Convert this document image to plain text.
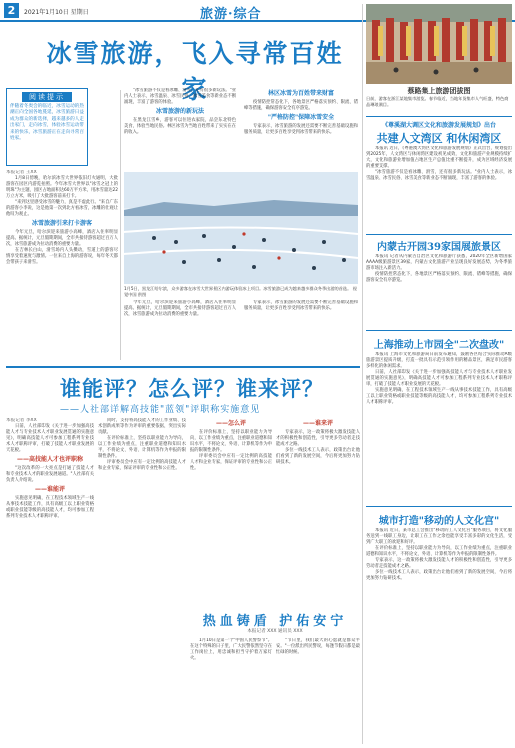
2	2021年1月10日 星期日	旅游·综合
冰雪旅游，飞入寻常百姓家
阅读提示
伴随着冬奥会的临近，冰雪运动的热潮正向全国各地蔓延，冰雪旅游日益成为群众的新选择，越来越多的人走出家门，走向冰雪，体验冰雪运动带来的快乐，冰雪旅游正在走向寻常百姓家。
本报记者 王XX

1月8日傍晚，哈尔滨冰雪大世界依旧灯火通明，大批游客在园区内游览拍照。今年冰雪大世界以"冰雪之冠上的明珠"为主题，园区占地面积达60万平方米，用冰雪量达22万立方米，吸引了大批游客前来打卡。

"来到这里感受冰雪的魅力，真是不虚此行。"来自广东的游客小李说，这是他第一次到北方看冰雪，冰雕的壮观让他叹为观止。

冰雪旅游引来打卡游客

今年元旦，哈尔滨迎来旅游小高峰，酒店入住率明显提高。据统计，元旦假期期间，全市共接待游客超过百万人次，冰雪旅游成为拉动消费的重要力量。

在吉林长白山，滑雪场内人头攒动，雪道上的游客尽情享受着速度与激情。一位来自上海的游客说，每年冬天都会带孩子来滑雪。

"冰雪旅游不仅是看冰雕、滑雪，还有很多新玩法。"业内人士表示，冰雪温泉、冰雪民俗、冰雪美食等新业态不断涌现，丰富了游客的体验。

冰雪旅游的新玩法

在黑龙江雪乡，游客可以住进农家院，品尝东北特色美食，体验当地民俗。林区冰雪为当地百姓带来了实实在在的收入。

林区冰雪为百姓带来财富

疫情防控常态化下，各地景区严格落实预约、限流、错峰等措施，确保游客安全有序游览。

"严格防控"保障冰雪安全

专家表示，冰雪旅游的发展还需要不断完善基础设施和服务质量，让更多百姓享受到冰雪带来的快乐。

1月5日，黑龙江哈尔滨，众多游客在冰雪大世界景区内游玩体验冰上项目。冰雪旅游已成为越来越多群众冬季出游的首选。 视觉中国 供图

今年元旦，哈尔滨迎来旅游小高峰，酒店入住率明显提高。据统计，元旦假期期间，全市共接待游客超过百万人次，冰雪旅游成为拉动消费的重要力量。

专家表示，冰雪旅游的发展还需要不断完善基础设施和服务质量，让更多百姓享受到冰雪带来的快乐。

蔡路集上旅游团拔图
日前，游客在浙江某地集市游览。春节临近，当地年货集市人气旺盛，特色商品琳琅满目。
《尊溪湖大调区文化和旅游发展规划》出台
共建人文湾区 和休闲湾区

本报讯 近日，《粤港澳大湾区文化和旅游发展规划》正式出台，规划提出到2025年，人文湾区与休闲湾区建设初见成效，文化和旅游产业规模持续扩大，文化和旅游业增加值占地区生产总值比重不断提升，成为区域经济发展的重要支撑。

"冰雪旅游不仅是看冰雕、滑雪，还有很多新玩法。"业内人士表示，冰雪温泉、冰雪民俗、冰雪美食等新业态不断涌现，丰富了游客的体验。

内蒙古开园39家国展旅景区

本报讯 记者从内蒙古自治区文化和旅游厅获悉，2020年全区新增国家AAAA级旅游景区39家，内蒙古文化旅游产业呈现良好发展态势，为冬季旅游市场注入新活力。

疫情防控常态化下，各地景区严格落实预约、限流、错峰等措施，确保游客安全有序游览。

上海推动上市园全"二次盘改"

本报讯 上海市文化和旅游局日前发布通知，鼓励各区结合实际推动A级旅游景区提质升级，打造一批具有示范引领作用的精品景区，满足市民游客多样化的休闲需求。

日前，人社部印发《关于进一步加强高技能人才与专业技术人才职业发展贯通的实施意见》，明确高技能人才可参加工程系列专业技术人才职称评审，打破了技能人才职业发展的天花板。

实施意见明确，在工程技术领域生产一线从事技术技能工作，具有高级工以上职业资格或职业技能等级的高技能人才，均可参加工程系列专业技术人才职称评审。

城市打造"移动的人文化宫"

本报讯 近日，某市总工会推出"移动的工人文化宫"服务项目，将文化服务送到一线职工身边，让职工在工作之余也能享受丰富多彩的文化生活，受到广大职工的欢迎和好评。

在评价标准上，坚持以职业能力为导向，以工作业绩为重点，注重职业道德和知识水平，不将论文、外语、计算机等作为申报的限制性条件。

专家表示，这一政策将极大激发技能人才的积极性和创造性，引导更多劳动者走技能成才之路。

多位一线技术工人表示，政策出台让他们看到了新的发展空间，今后将更加努力钻研技术。

谁能评？怎么评？谁来评？
——人社部详解高技能"蓝领"评职称实施意见
本报记者 李XX

日前，人社部印发《关于进一步加强高技能人才与专业技术人才职业发展贯通的实施意见》，明确高技能人才可参加工程系列专业技术人才职称评审，打破了技能人才职业发展的天花板。

——高技能人才也评职称

"这次改革的一大亮点是打通了技能人才和专业技术人才的职业发展通道。"人社部有关负责人介绍说。

——谁能评

实施意见明确，在工程技术领域生产一线从事技术技能工作，具有高级工以上职业资格或职业技能等级的高技能人才，均可参加工程系列专业技术人才职称评审。

同时，支持将高技能人才的工作业绩、技术创新成果等作为评审的重要依据，突出实际贡献。

在评价标准上，坚持以职业能力为导向，以工作业绩为重点，注重职业道德和知识水平，不将论文、外语、计算机等作为申报的限制性条件。

评审委员会中应有一定比例的高技能人才和企业专家，保证评审的专业性和公正性。

——怎么评

在评价标准上，坚持以职业能力为导向，以工作业绩为重点，注重职业道德和知识水平，不将论文、外语、计算机等作为申报的限制性条件。

评审委员会中应有一定比例的高技能人才和企业专家，保证评审的专业性和公正性。

——谁来评

专家表示，这一政策将极大激发技能人才的积极性和创造性，引导更多劳动者走技能成才之路。

多位一线技术工人表示，政策出台让他们看到了新的发展空间，今后将更加努力钻研技术。

热血铸盾 护佑安宁
本报记者 XXX 通讯员 XXX

1月10日是第一个"中国人民警察节"。在这个特殊的日子里，广大民警依然坚守在工作岗位上，用忠诚和担当守护着万家灯火。

"节日里，我们最大的心愿就是群众平安。"一位派出所民警说，每逢节假日都是最忙碌的时候。
